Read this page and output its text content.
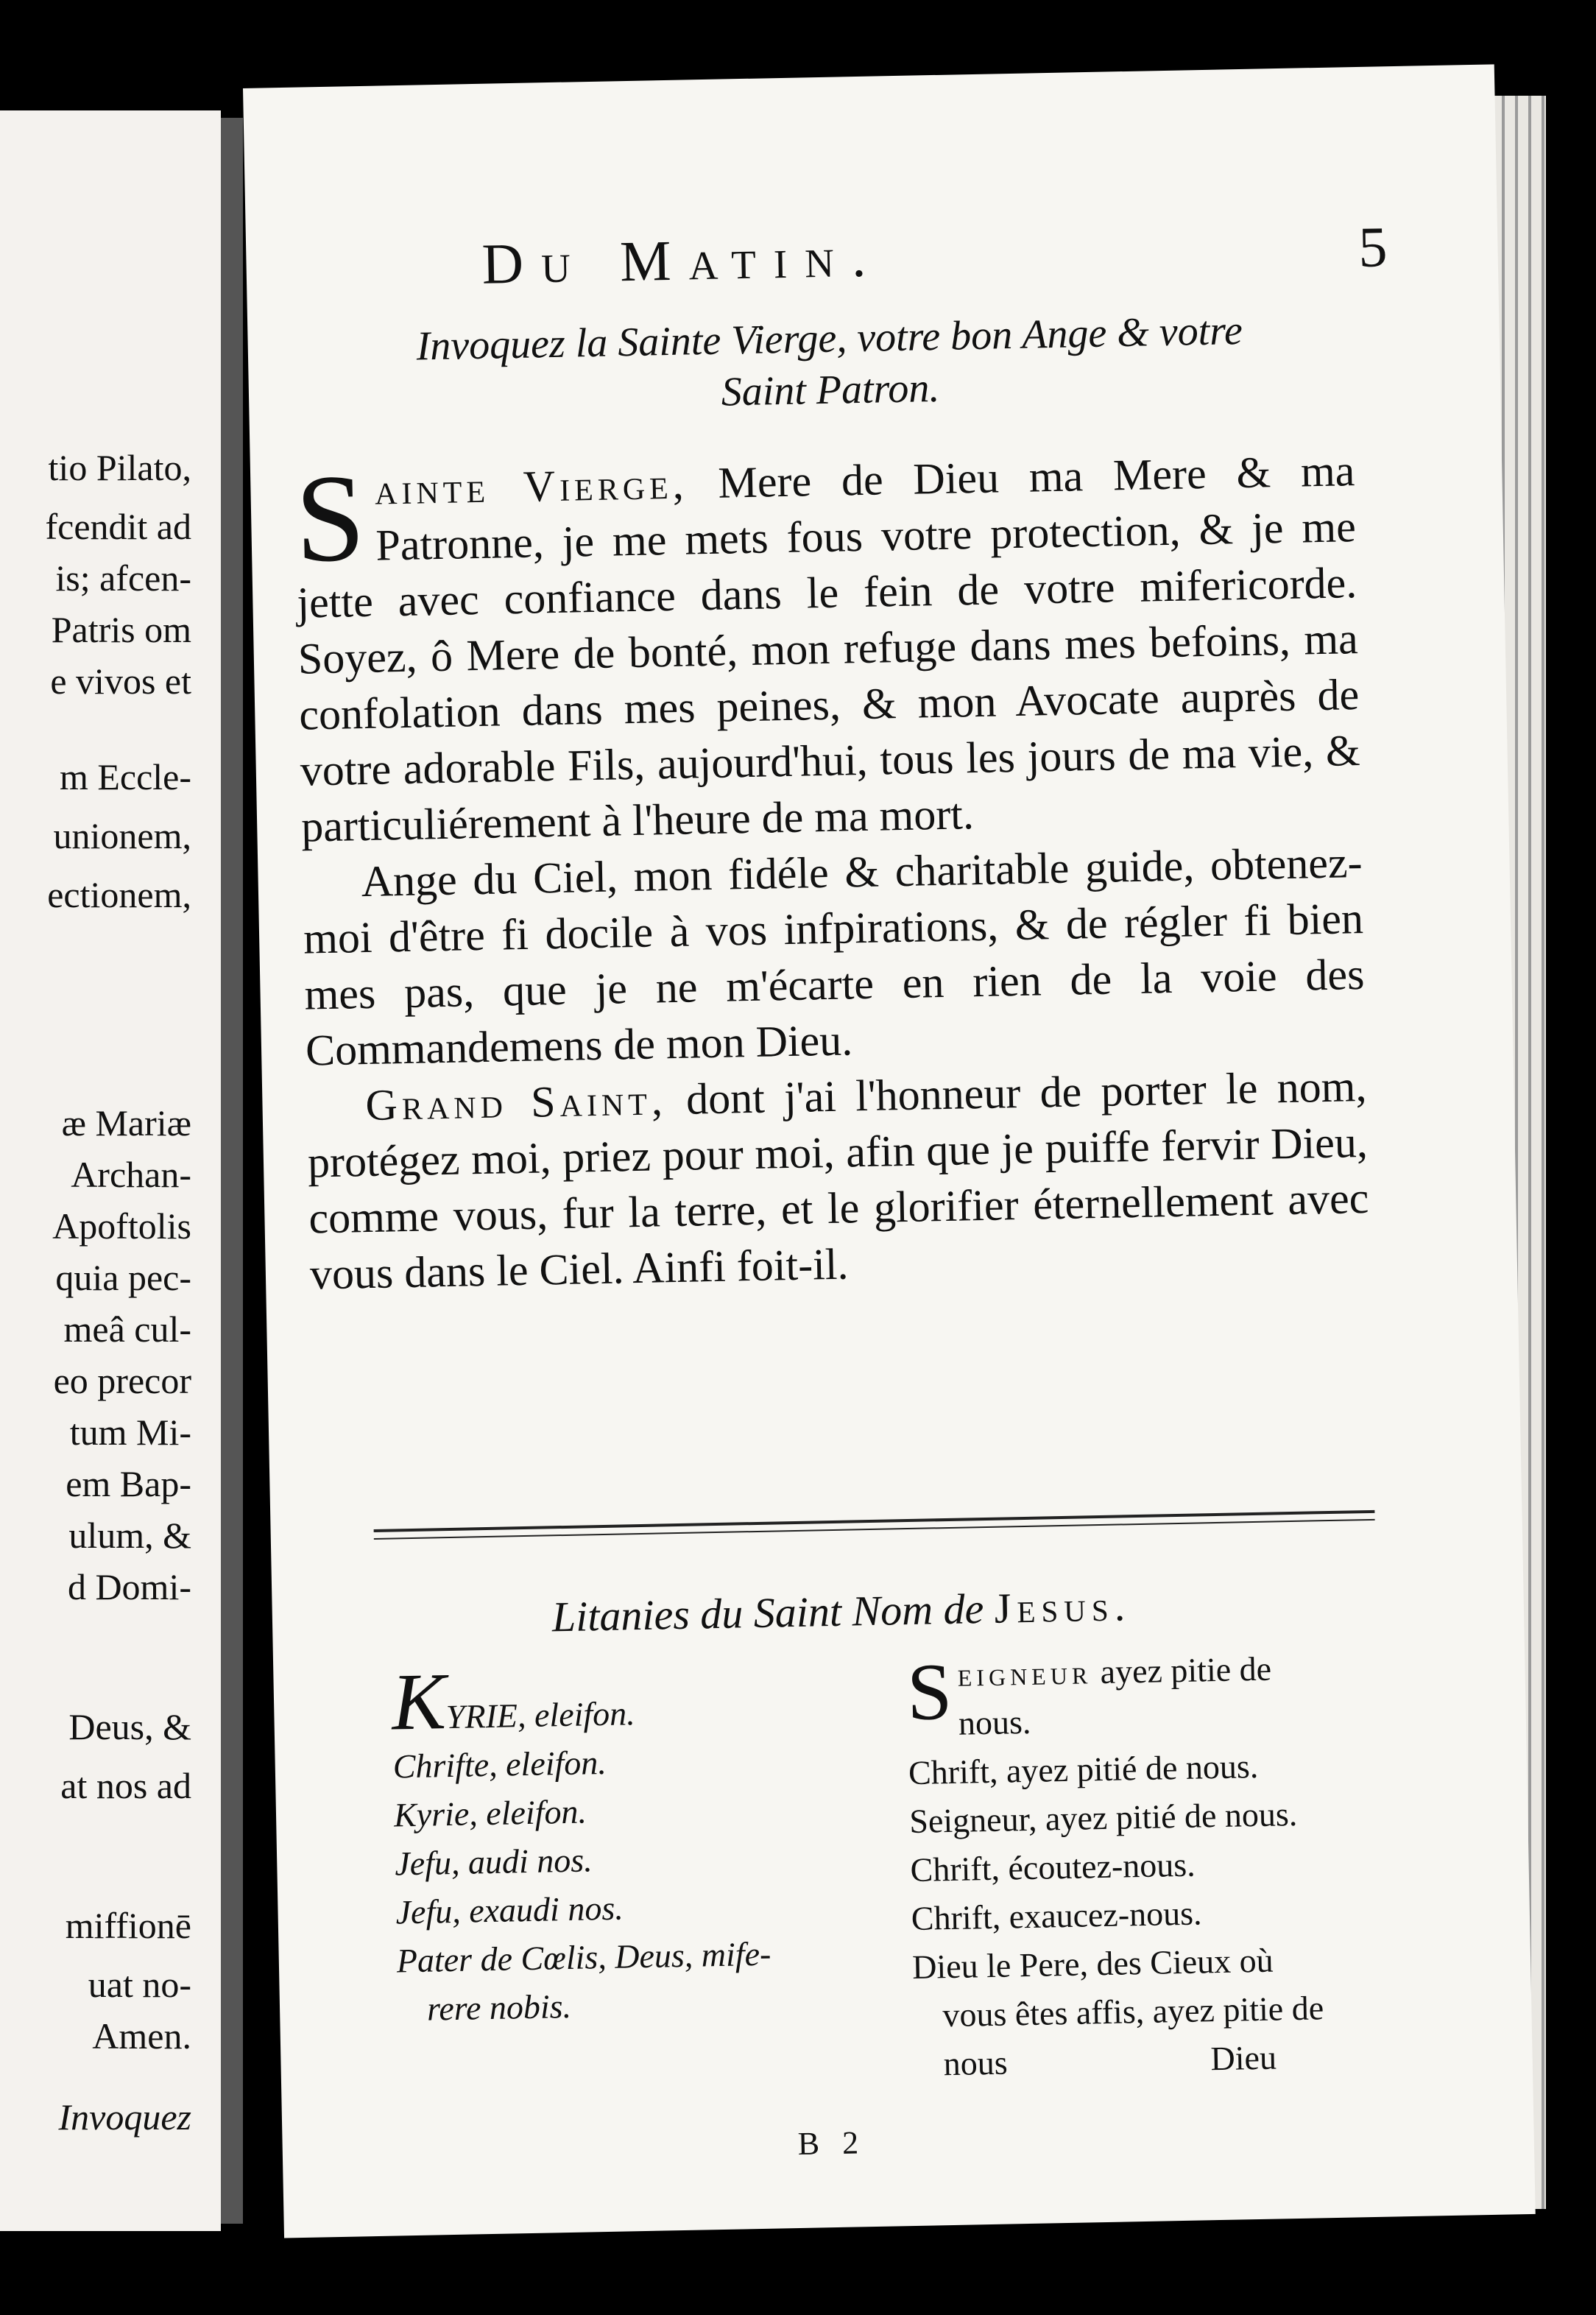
tio Pilato,
fcendit ad
is; afcen-
Patris om
e vivos et
m Eccle-
unionem,
ectionem,
æ Mariæ
Archan-
Apoftolis
quia pec-
meâ cul-
eo precor
tum Mi-
em Bap-
ulum, &
d Domi-
Deus, &
at nos ad
miffionē
uat no-
Amen.
Invoquez
Du Matin.	5
Invoquez la Sainte Vierge, votre bon Ange & votre
Saint Patron.

Sainte Vierge, Mere de Dieu ma Mere & ma Patronne, je me mets fous votre protection, & je me jette avec confiance dans le fein de votre mifericorde. Soyez, ô Mere de bonté, mon refuge dans mes befoins, ma confolation dans mes peines, & mon Avocate auprès de votre adorable Fils, aujourd'hui, tous les jours de ma vie, & particuliérement à l'heure de ma mort.

Ange du Ciel, mon fidéle & charitable guide, obtenez-moi d'être fi docile à vos infpirations, & de régler fi bien mes pas, que je ne m'écarte en rien de la voie des Commandemens de mon Dieu.

Grand Saint, dont j'ai l'honneur de porter le nom, protégez moi, priez pour moi, afin que je puiffe fervir Dieu, comme vous, fur la terre, et le glorifier éternellement avec vous dans le Ciel. Ainfi foit-il.

Litanies du Saint Nom de Jesus.
KYRIE, eleifon.
Chrifte, eleifon.
Kyrie, eleifon.
Jefu, audi nos.
Jefu, exaudi nos.
Pater de Cœlis, Deus, mife-
rere nobis.
Seigneur ayez pitie de
nous.
Chrift, ayez pitié de nous.
Seigneur, ayez pitié de nous.
Chrift, écoutez-nous.
Chrift, exaucez-nous.
Dieu le Pere, des Cieux où
vous êtes affis, ayez pitie de
nous                        Dieu
B 2
